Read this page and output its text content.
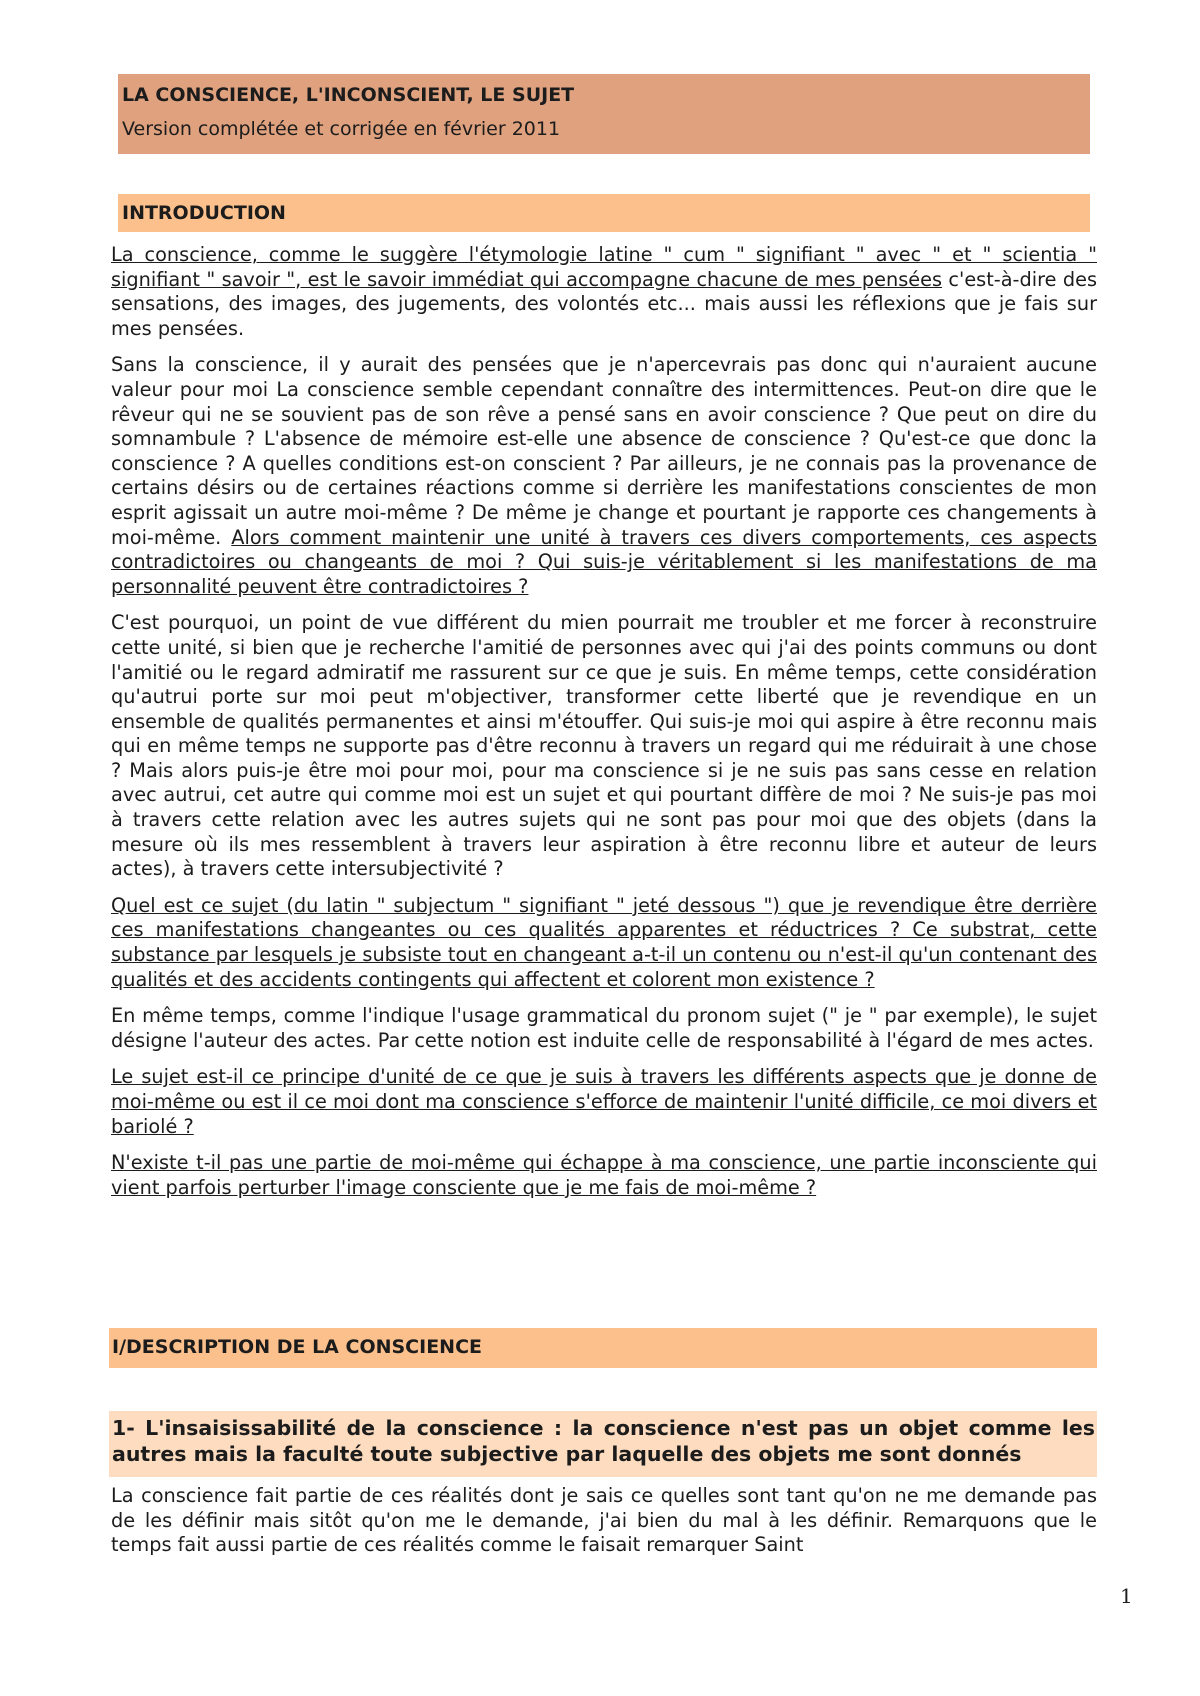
LA CONSCIENCE, L'INCONSCIENT, LE SUJET
Version complétée et corrigée en février 2011
INTRODUCTION

La conscience, comme le suggère l'étymologie latine " cum " signifiant " avec " et " scientia " signifiant " savoir ", est le savoir immédiat qui accompagne chacune de mes pensées c'est-à-dire des sensations, des images, des jugements, des volontés etc... mais aussi les réflexions que je fais sur mes pensées.

Sans la conscience, il y aurait des pensées que je n'apercevrais pas donc qui n'auraient aucune valeur pour moi La conscience semble cependant connaître des intermittences. Peut-on dire que le rêveur qui ne se souvient pas de son rêve a pensé sans en avoir conscience ? Que peut on dire du somnambule ? L'absence de mémoire est-elle une absence de conscience ? Qu'est-ce que donc la conscience ? A quelles conditions est-on conscient ? Par ailleurs, je ne connais pas la provenance de certains désirs ou de certaines réactions comme si derrière les manifestations conscientes de mon esprit agissait un autre moi-même ? De même je change et pourtant je rapporte ces changements à moi-même. Alors comment maintenir une unité à travers ces divers comportements, ces aspects contradictoires ou changeants de moi ? Qui suis-je véritablement si les manifestations de ma personnalité peuvent être contradictoires ?

C'est pourquoi, un point de vue différent du mien pourrait me troubler et me forcer à reconstruire cette unité, si bien que je recherche l'amitié de personnes avec qui j'ai des points communs ou dont l'amitié ou le regard admiratif me rassurent sur ce que je suis. En même temps, cette considération qu'autrui porte sur moi peut m'objectiver, transformer cette liberté que je revendique en un ensemble de qualités permanentes et ainsi m'étouffer. Qui suis-je moi qui aspire à être reconnu mais qui en même temps ne supporte pas d'être reconnu à travers un regard qui me réduirait à une chose ? Mais alors puis-je être moi pour moi, pour ma conscience si je ne suis pas sans cesse en relation avec autrui, cet autre qui comme moi est un sujet et qui pourtant diffère de moi ? Ne suis-je pas moi à travers cette relation avec les autres sujets qui ne sont pas pour moi que des objets (dans la mesure où ils mes ressemblent à travers leur aspiration à être reconnu libre et auteur de leurs actes), à travers cette intersubjectivité ?

Quel est ce sujet (du latin " subjectum " signifiant " jeté dessous ") que je revendique être derrière ces manifestations changeantes ou ces qualités apparentes et réductrices ? Ce substrat, cette substance par lesquels je subsiste tout en changeant a-t-il un contenu ou n'est-il qu'un contenant des qualités et des accidents contingents qui affectent et colorent mon existence ?

En même temps, comme l'indique l'usage grammatical du pronom sujet (" je " par exemple), le sujet désigne l'auteur des actes. Par cette notion est induite celle de responsabilité à l'égard de mes actes.

Le sujet est-il ce principe d'unité de ce que je suis à travers les différents aspects que je donne de moi-même ou est il ce moi dont ma conscience s'efforce de maintenir l'unité difficile, ce moi divers et bariolé ?

N'existe t-il pas une partie de moi-même qui échappe à ma conscience, une partie inconsciente qui vient parfois perturber l'image consciente que je me fais de moi-même ?

I/DESCRIPTION DE LA CONSCIENCE
1- L'insaisissabilité de la conscience : la conscience n'est pas un objet comme les autres mais la faculté toute subjective par laquelle des objets me sont donnés

La conscience fait partie de ces réalités dont je sais ce quelles sont tant qu'on ne me demande pas de les définir mais sitôt qu'on me le demande, j'ai bien du mal à les définir. Remarquons que le temps fait aussi partie de ces réalités comme le faisait remarquer Saint

1
